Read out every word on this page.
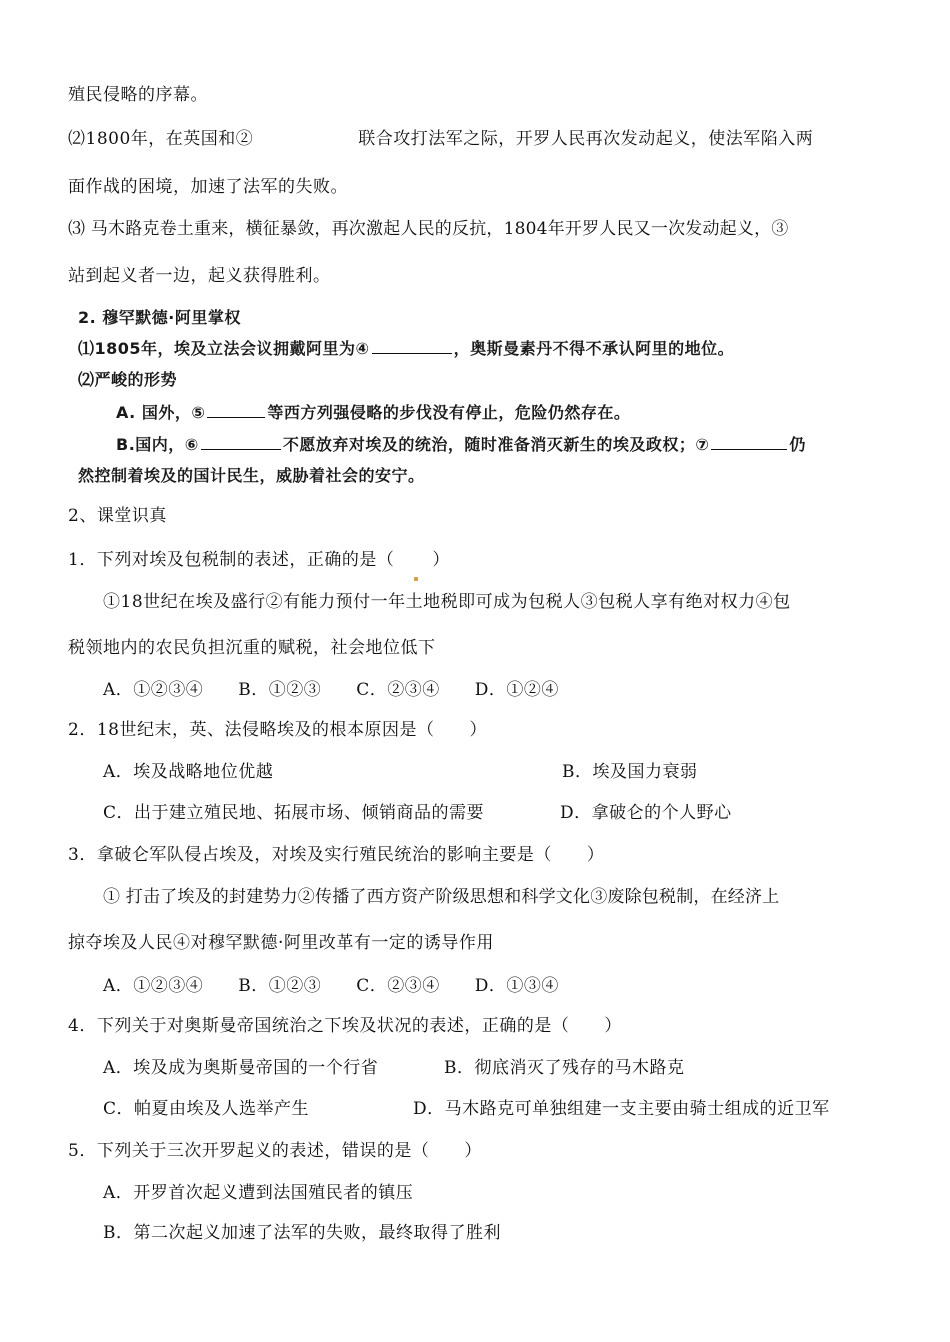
殖民侵略的序幕。
⑵1800年，在英国和②	联合攻打法军之际，开罗人民再次发动起义，使法军陷入两
面作战的困境，加速了法军的失败。
⑶ 马木路克卷土重来，横征暴敛，再次激起人民的反抗，1804年开罗人民又一次发动起义，③
站到起义者一边，起义获得胜利。
2. 穆罕默德·阿里掌权
⑴1805年，埃及立法会议拥戴阿里为④	，奥斯曼素丹不得不承认阿里的地位。
⑵严峻的形势
A. 国外，⑤	等西方列强侵略的步伐没有停止，危险仍然存在。
B.国内，⑥	不愿放弃对埃及的统治，随时准备消灭新生的埃及政权；⑦	仍
然控制着埃及的国计民生，威胁着社会的安宁。
2、课堂识真
1．下列对埃及包税制的表述，正确的是（ ）
①18世纪在埃及盛行②有能力预付一年土地税即可成为包税人③包税人享有绝对权力④包
税领地内的农民负担沉重的赋税，社会地位低下
A．①②③④　　B．①②③　　C．②③④　　D．①②④
2．18世纪末，英、法侵略埃及的根本原因是（　　）
A．埃及战略地位优越	B．埃及国力衰弱
C．出于建立殖民地、拓展市场、倾销商品的需要	D．拿破仑的个人野心
3．拿破仑军队侵占埃及，对埃及实行殖民统治的影响主要是（　　）
① 打击了埃及的封建势力②传播了西方资产阶级思想和科学文化③废除包税制，在经济上
掠夺埃及人民④对穆罕默德·阿里改革有一定的诱导作用
A．①②③④　　B．①②③　　C．②③④　　D．①③④
4．下列关于对奥斯曼帝国统治之下埃及状况的表述，正确的是（　　）
A．埃及成为奥斯曼帝国的一个行省	B．彻底消灭了残存的马木路克
C．帕夏由埃及人选举产生	D．马木路克可单独组建一支主要由骑士组成的近卫军
5．下列关于三次开罗起义的表述，错误的是（　　）
A．开罗首次起义遭到法国殖民者的镇压
B．第二次起义加速了法军的失败，最终取得了胜利
